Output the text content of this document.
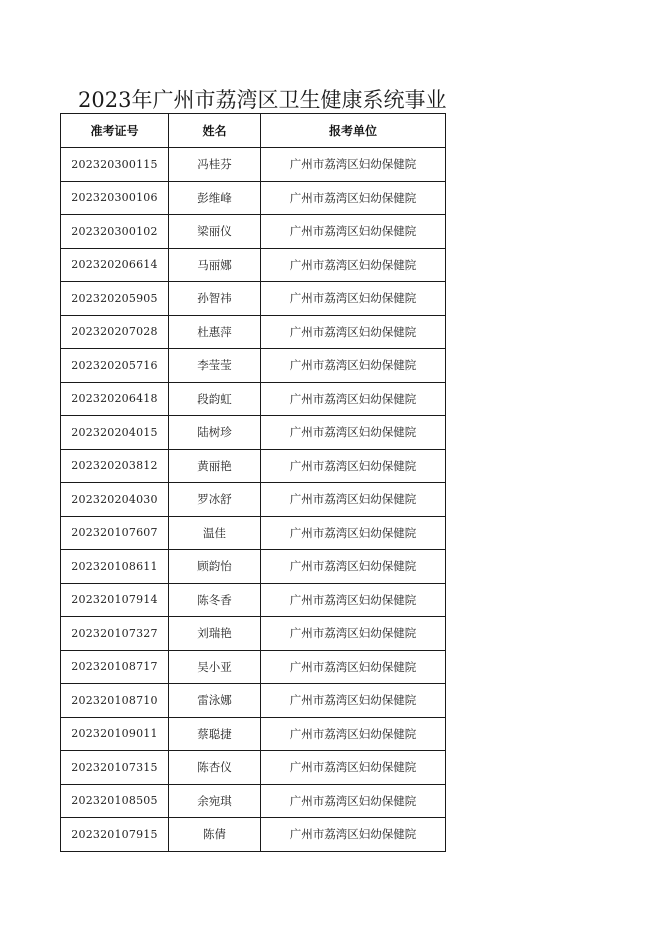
2023年广州市荔湾区卫生健康系统事业
准考证号	姓名	报考单位
202320300115	冯桂芬	广州市荔湾区妇幼保健院
202320300106	彭维峰	广州市荔湾区妇幼保健院
202320300102	梁丽仪	广州市荔湾区妇幼保健院
202320206614	马丽娜	广州市荔湾区妇幼保健院
202320205905	孙智祎	广州市荔湾区妇幼保健院
202320207028	杜惠萍	广州市荔湾区妇幼保健院
202320205716	李莹莹	广州市荔湾区妇幼保健院
202320206418	段韵虹	广州市荔湾区妇幼保健院
202320204015	陆树珍	广州市荔湾区妇幼保健院
202320203812	黄丽艳	广州市荔湾区妇幼保健院
202320204030	罗冰舒	广州市荔湾区妇幼保健院
202320107607	温佳	广州市荔湾区妇幼保健院
202320108611	顾韵怡	广州市荔湾区妇幼保健院
202320107914	陈冬香	广州市荔湾区妇幼保健院
202320107327	刘瑞艳	广州市荔湾区妇幼保健院
202320108717	吴小亚	广州市荔湾区妇幼保健院
202320108710	雷泳娜	广州市荔湾区妇幼保健院
202320109011	蔡聪捷	广州市荔湾区妇幼保健院
202320107315	陈杏仪	广州市荔湾区妇幼保健院
202320108505	余宛琪	广州市荔湾区妇幼保健院
202320107915	陈倩	广州市荔湾区妇幼保健院
